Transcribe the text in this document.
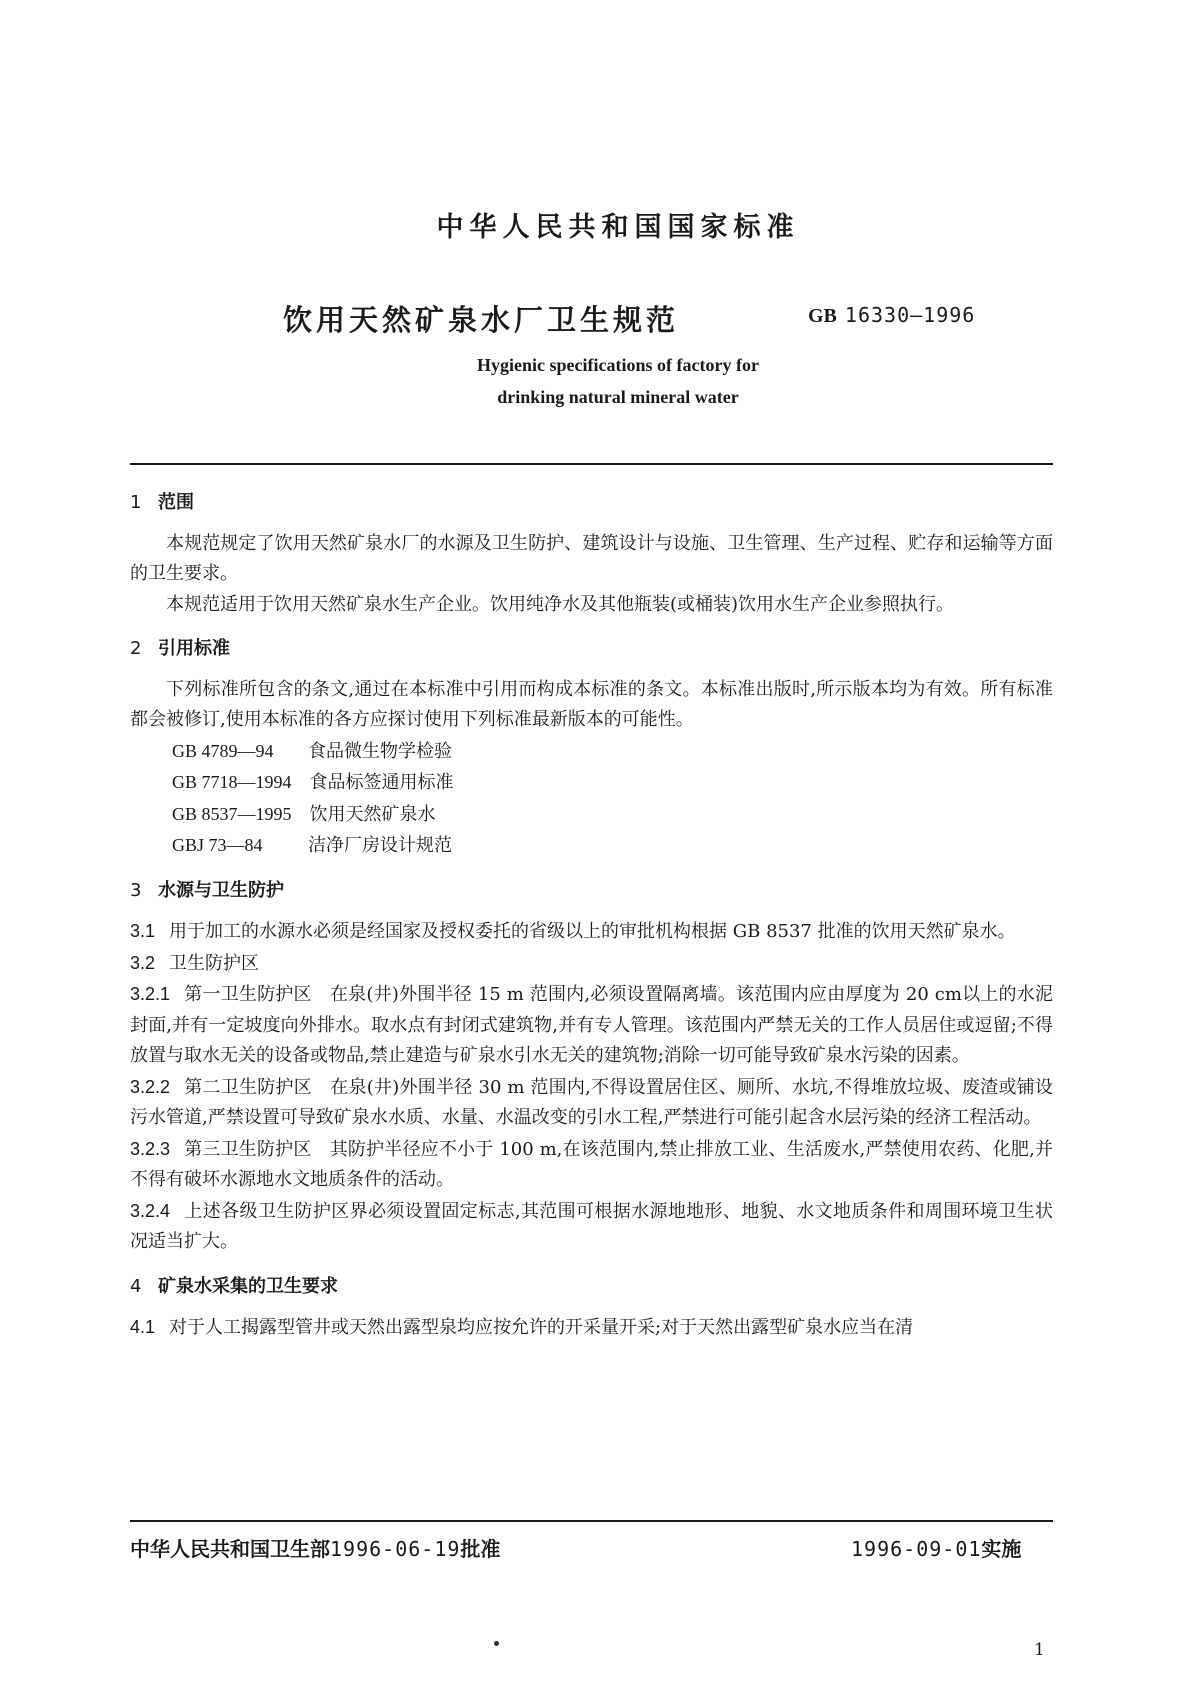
中华人民共和国国家标准
饮用天然矿泉水厂卫生规范	GB 16330—1996
Hygienic specifications of factory for
drinking natural mineral water
1 范围
本规范规定了饮用天然矿泉水厂的水源及卫生防护、建筑设计与设施、卫生管理、生产过程、贮存和运输等方面的卫生要求。
本规范适用于饮用天然矿泉水生产企业。饮用纯净水及其他瓶装(或桶装)饮用水生产企业参照执行。
2 引用标准
下列标准所包含的条文,通过在本标准中引用而构成本标准的条文。本标准出版时,所示版本均为有效。所有标准都会被修订,使用本标准的各方应探讨使用下列标准最新版本的可能性。
GB 4789—94　 食品微生物学检验
GB 7718—1994　 食品标签通用标准
GB 8537—1995　 饮用天然矿泉水
GBJ 73—84　	洁净厂房设计规范
3 水源与卫生防护
3.1 用于加工的水源水必须是经国家及授权委托的省级以上的审批机构根据 GB 8537 批准的饮用天然矿泉水。
3.2 卫生防护区
3.2.1 第一卫生防护区　在泉(井)外围半径 15 m 范围内,必须设置隔离墙。该范围内应由厚度为 20 cm以上的水泥封面,并有一定坡度向外排水。取水点有封闭式建筑物,并有专人管理。该范围内严禁无关的工作人员居住或逗留;不得放置与取水无关的设备或物品,禁止建造与矿泉水引水无关的建筑物;消除一切可能导致矿泉水污染的因素。
3.2.2 第二卫生防护区　在泉(井)外围半径 30 m 范围内,不得设置居住区、厕所、水坑,不得堆放垃圾、废渣或铺设污水管道,严禁设置可导致矿泉水水质、水量、水温改变的引水工程,严禁进行可能引起含水层污染的经济工程活动。
3.2.3 第三卫生防护区　其防护半径应不小于 100 m,在该范围内,禁止排放工业、生活废水,严禁使用农药、化肥,并不得有破坏水源地水文地质条件的活动。
3.2.4 上述各级卫生防护区界必须设置固定标志,其范围可根据水源地地形、地貌、水文地质条件和周围环境卫生状况适当扩大。
4 矿泉水采集的卫生要求
4.1 对于人工揭露型管井或天然出露型泉均应按允许的开采量开采;对于天然出露型矿泉水应当在清
中华人民共和国卫生部1996-06-19批准	1996-09-01实施
1
